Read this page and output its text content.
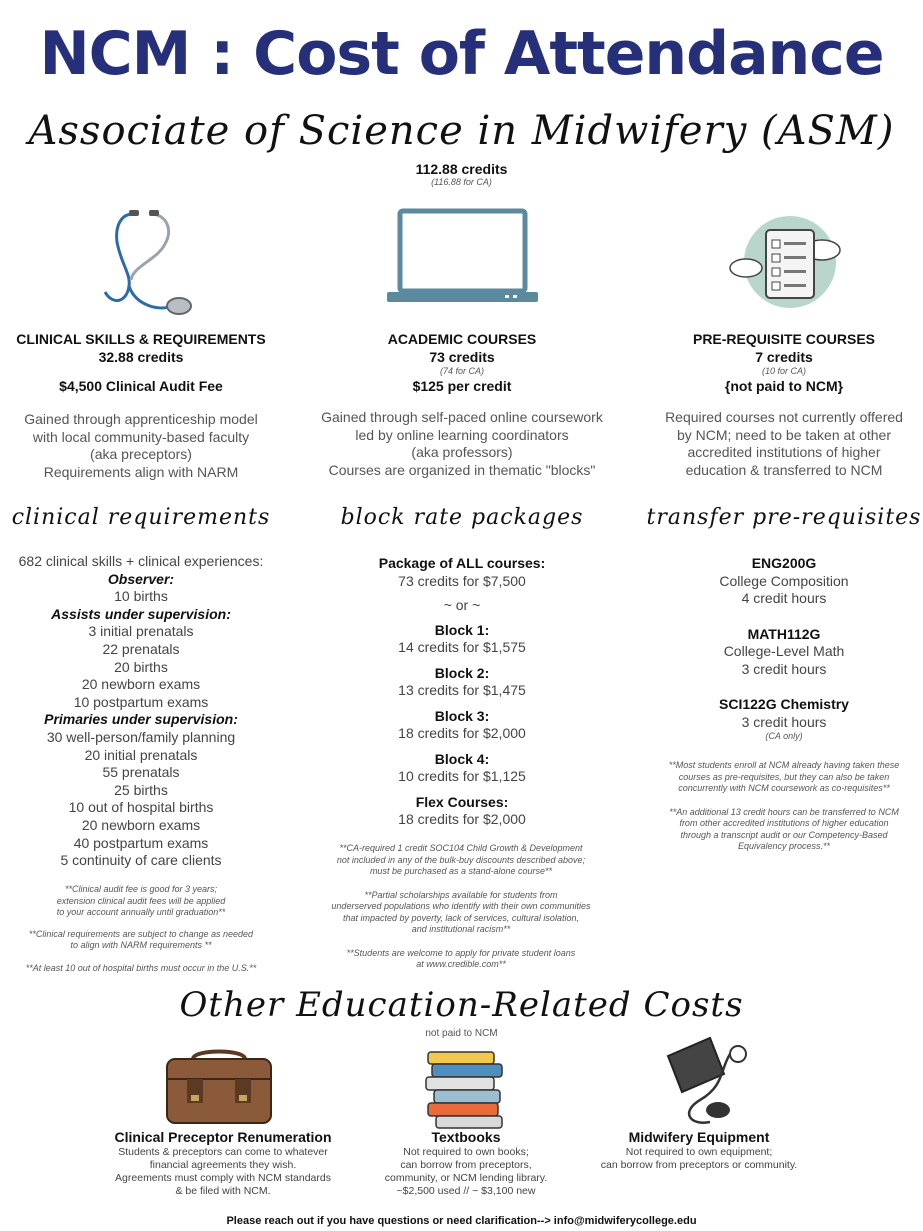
NCM : Cost of Attendance
Associate of Science in Midwifery (ASM)
112.88 credits
(116.88 for CA)
CLINICAL SKILLS & REQUIREMENTS
32.88 credits
$4,500 Clinical Audit Fee
Gained through apprenticeship model
with local community-based faculty
(aka preceptors)
Requirements align with NARM
clinical requirements
682 clinical skills + clinical experiences:
Observer:
10 births
Assists under supervision:
3 initial prenatals
22 prenatals
20 births
20 newborn exams
10 postpartum exams
Primaries under supervision:
30 well-person/family planning
20 initial prenatals
55 prenatals
25 births
10 out of hospital births
20 newborn exams
40 postpartum exams
5 continuity of care clients
**Clinical audit fee is good for 3 years;
extension clinical audit fees will be applied
to your account annually until graduation**
**Clinical requirements are subject to change as needed
to align with NARM requirements **
**At least 10 out of hospital births must occur in the U.S.**
ACADEMIC COURSES
73 credits
(74 for CA)
$125 per credit
Gained through self-paced online coursework
led by online learning coordinators
(aka professors)
Courses are organized in thematic "blocks"
block rate packages
Package of ALL courses:
73 credits for $7,500
~ or ~
Block 1:
14 credits for $1,575
Block 2:
13 credits for $1,475
Block 3:
18 credits for $2,000
Block 4:
10 credits for $1,125
Flex Courses:
18 credits for $2,000
**CA-required 1 credit SOC104 Child Growth & Development
not included in any of the bulk-buy discounts described above;
must be purchased as a stand-alone course**
**Partial scholarships available for students from
underserved populations who identify with their own communities
that impacted by poverty, lack of services, cultural isolation,
and institutional racism**
**Students are welcome to apply for private student loans
at www.credible.com**
PRE-REQUISITE COURSES
7 credits
(10 for CA)
{not paid to NCM}
Required courses not currently offered
by NCM; need to be taken at other
accredited institutions of higher
education & transferred to NCM
transfer pre-requisites
ENG200G
College Composition
4 credit hours
MATH112G
College-Level Math
3 credit hours
SCI122G Chemistry
3 credit hours
(CA only)
**Most students enroll at NCM already having taken these
courses as pre-requisites, but they can also be taken
concurrently with NCM coursework as co-requisites**
**An additional 13 credit hours can be transferred to NCM
from other accredited institutions of higher education
through a transcript audit or our Competency-Based
Equivalency process.**
Other Education-Related Costs
not paid to NCM
Clinical Preceptor Renumeration
Students & preceptors can come to whatever
financial agreements they wish.
Agreements must comply with NCM standards
& be filed with NCM.
Textbooks
Not required to own books;
can borrow from preceptors,
community, or NCM lending library.
~$2,500 used // ~ $3,100 new
Midwifery Equipment
Not required to own equipment;
can borrow from preceptors or community.
Please reach out if you have questions or need clarification--> info@midwiferycollege.edu
